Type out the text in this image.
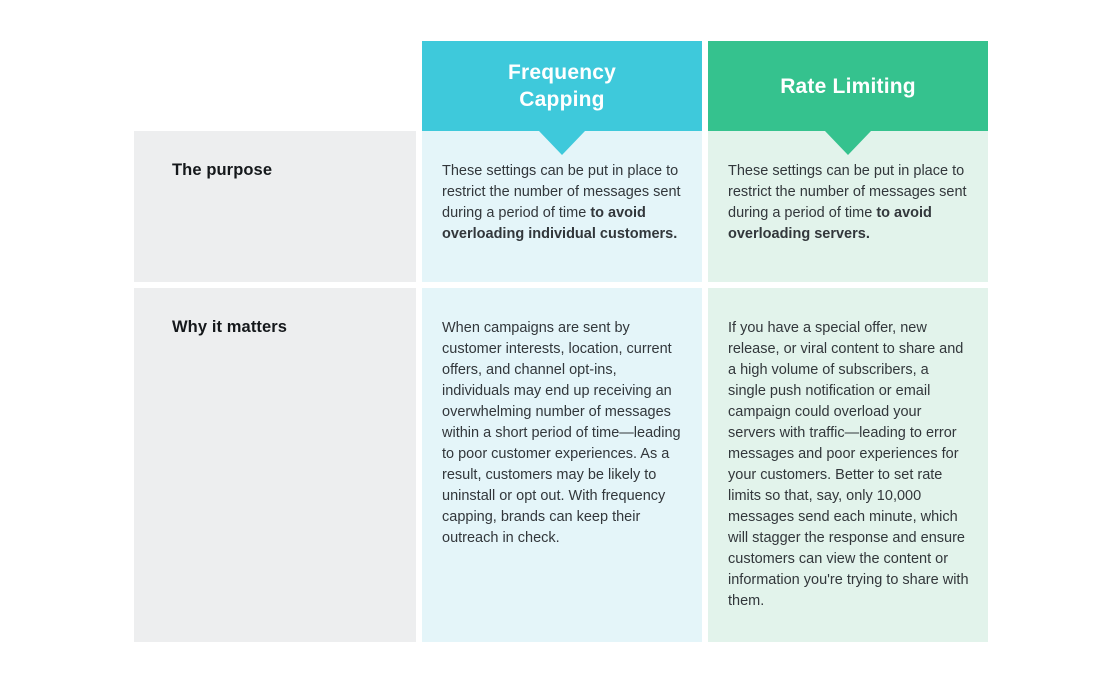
Frequency Capping
Rate Limiting
The purpose	These settings can be put in place to restrict the number of messages sent during a period of time to avoid overloading individual customers.
These settings can be put in place to restrict the number of messages sent during a period of time to avoid overloading servers.
Why it matters	When campaigns are sent by customer interests, location, current offers, and channel opt-ins, individuals may end up receiving an overwhelming number of messages within a short period of time—leading to poor customer experiences. As a result, customers may be likely to uninstall or opt out. With frequency capping, brands can keep their outreach in check.
If you have a special offer, new release, or viral content to share and a high volume of subscribers, a single push notification or email campaign could overload your servers with traffic—leading to error messages and poor experiences for your customers. Better to set rate limits so that, say, only 10,000 messages send each minute, which will stagger the response and ensure customers can view the content or information you're trying to share with them.
